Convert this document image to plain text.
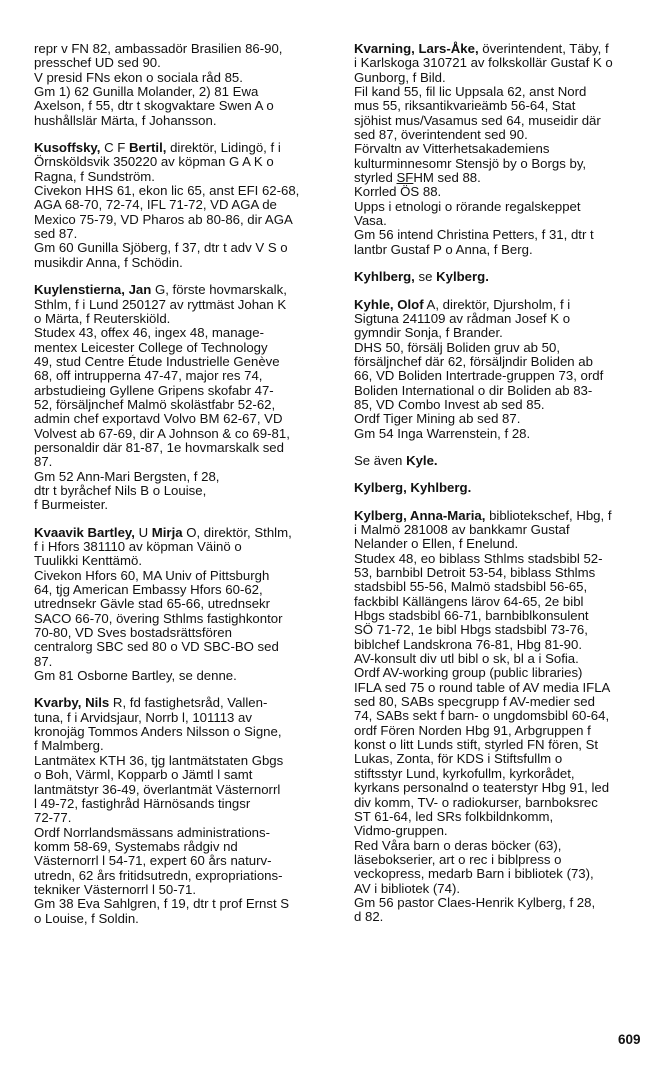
repr v FN 82, ambassadör Brasilien 86-90,
presschef UD sed 90.
V presid FNs ekon o sociala råd 85.
Gm 1) 62 Gunilla Molander, 2) 81 Ewa
Axelson, f 55, dtr t skogvaktare Swen A o
hushållslär Märta, f Johansson.
Kusoffsky, C F Bertil, direktör, Lidingö, f i
Örnsköldsvik 350220 av köpman G A K o
Ragna, f Sundström.
Civekon HHS 61, ekon lic 65, anst EFI 62-68,
AGA 68-70, 72-74, IFL 71-72, VD AGA de
Mexico 75-79, VD Pharos ab 80-86, dir AGA
sed 87.
Gm 60 Gunilla Sjöberg, f 37, dtr t adv V S o
musikdir Anna, f Schödin.
Kuylenstierna, Jan G, förste hovmarskalk,
Sthlm, f i Lund 250127 av ryttmäst Johan K
o Märta, f Reuterskiöld.
Studex 43, offex 46, ingex 48, manage-
mentex Leicester College of Technology
49, stud Centre Étude Industrielle Genève
68, off intrupperna 47-47, major res 74,
arbstudieing Gyllene Gripens skofabr 47-
52, försäljnchef Malmö skolästfabr 52-62,
admin chef exportavd Volvo BM 62-67, VD
Volvest ab 67-69, dir A Johnson & co 69-81,
personaldir där 81-87, 1e hovmarskalk sed
87.
Gm 52 Ann-Mari Bergsten, f 28,
dtr t byråchef Nils B o Louise,
f Burmeister.
Kvaavik Bartley, U Mirja O, direktör, Sthlm,
f i Hfors 381110 av köpman Väinö o
Tuulikki Kenttämö.
Civekon Hfors 60, MA Univ of Pittsburgh
64, tjg American Embassy Hfors 60-62,
utrednsekr Gävle stad 65-66, utrednsekr
SACO 66-70, övering Sthlms fastighkontor
70-80, VD Sves bostadsrättsfören
centralorg SBC sed 80 o VD SBC-BO sed
87.
Gm 81 Osborne Bartley, se denne.
Kvarby, Nils R, fd fastighetsråd, Vallen-
tuna, f i Arvidsjaur, Norrb l, 101113 av
kronojäg Tommos Anders Nilsson o Signe,
f Malmberg.
Lantmätex KTH 36, tjg lantmätstaten Gbgs
o Boh, Värml, Kopparb o Jämtl l samt
lantmätstyr 36-49, överlantmät Västernorrl
l 49-72, fastighråd Härnösands tingsr
72-77.
Ordf Norrlandsmässans administrations-
komm 58-69, Systemabs rådgiv nd
Västernorrl l 54-71, expert 60 års naturv-
utredn, 62 års fritidsutredn, expropriations-
tekniker Västernorrl l 50-71.
Gm 38 Eva Sahlgren, f 19, dtr t prof Ernst S
o Louise, f Soldin.
Kvarning, Lars-Åke, överintendent, Täby, f
i Karlskoga 310721 av folkskollär Gustaf K o
Gunborg, f Bild.
Fil kand 55, fil lic Uppsala 62, anst Nord
mus 55, riksantikvarieämb 56-64, Stat
sjöhist mus/Vasamus sed 64, museidir där
sed 87, överintendent sed 90.
Förvaltn av Vitterhetsakademiens
kulturminnesomr Stensjö by o Borgs by,
styrled SFHM sed 88.
Korrled ÖS 88.
Upps i etnologi o rörande regalskeppet
Vasa.
Gm 56 intend Christina Petters, f 31, dtr t
lantbr Gustaf P o Anna, f Berg.
Kyhlberg, se Kylberg.
Kyhle, Olof A, direktör, Djursholm, f i
Sigtuna 241109 av rådman Josef K o
gymndir Sonja, f Brander.
DHS 50, försälj Boliden gruv ab 50,
försäljnchef där 62, försäljndir Boliden ab
66, VD Boliden Intertrade-gruppen 73, ordf
Boliden International o dir Boliden ab 83-
85, VD Combo Invest ab sed 85.
Ordf Tiger Mining ab sed 87.
Gm 54 Inga Warrenstein, f 28.
Se även Kyle.
Kylberg, Kyhlberg.
Kylberg, Anna-Maria, bibliotekschef, Hbg, f
i Malmö 281008 av bankkamr Gustaf
Nelander o Ellen, f Enelund.
Studex 48, eo biblass Sthlms stadsbibl 52-
53, barnbibl Detroit 53-54, biblass Sthlms
stadsbibl 55-56, Malmö stadsbibl 56-65,
fackbibl Källängens lärov 64-65, 2e bibl
Hbgs stadsbibl 66-71, barnbiblkonsulent
SÖ 71-72, 1e bibl Hbgs stadsbibl 73-76,
biblchef Landskrona 76-81, Hbg 81-90.
AV-konsult div utl bibl o sk, bl a i Sofia.
Ordf AV-working group (public libraries)
IFLA sed 75 o round table of AV media IFLA
sed 80, SABs specgrupp f AV-medier sed
74, SABs sekt f barn- o ungdomsbibl 60-64,
ordf Fören Norden Hbg 91, Arbgruppen f
konst o litt Lunds stift, styrled FN fören, St
Lukas, Zonta, för KDS i Stiftsfullm o
stiftsstyr Lund, kyrkofullm, kyrkorådet,
kyrkans personalnd o teaterstyr Hbg 91, led
div komm, TV- o radiokurser, barnboksrec
ST 61-64, led SRs folkbildnkomm,
Vidmo-gruppen.
Red Våra barn o deras böcker (63),
läsebokserier, art o rec i biblpress o
veckopress, medarb Barn i bibliotek (73),
AV i bibliotek (74).
Gm 56 pastor Claes-Henrik Kylberg, f 28,
d 82.
609
